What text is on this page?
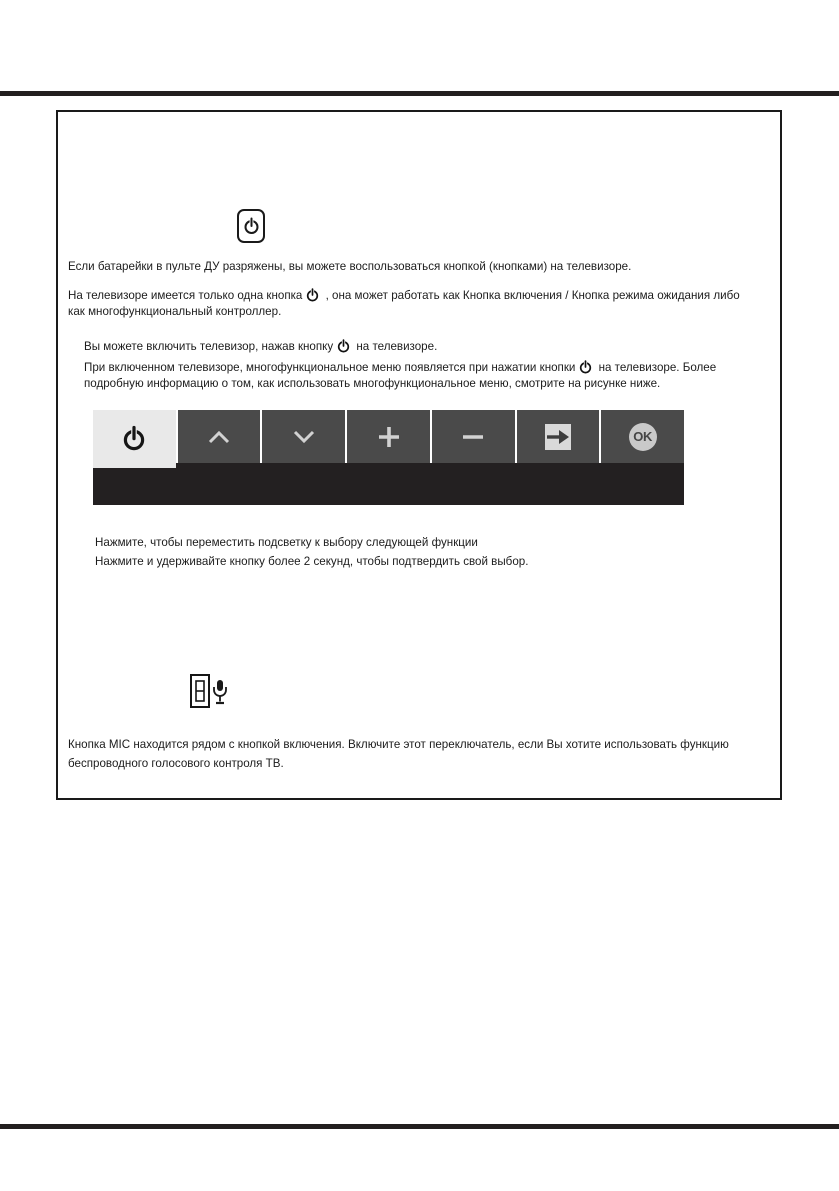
Если батарейки в пульте ДУ разряжены, вы можете воспользоваться кнопкой (кнопками) на телевизоре.

На телевизоре имеется только одна кнопка , она может работать как Кнопка включения / Кнопка режима ожидания либо
как многофункциональный контроллер.

Вы можете включить телевизор, нажав кнопку на телевизоре.

При включенном телевизоре, многофункциональное меню появляется при нажатии кнопки на телевизоре. Более
подробную информацию о том, как использовать многофункциональное меню, смотрите на рисунке ниже.

OK

Нажмите, чтобы переместить подсветку к выбору следующей функции

Нажмите и удерживайте кнопку более 2 секунд, чтобы подтвердить свой выбор.

Кнопка MIC находится рядом с кнопкой включения. Включите этот переключатель, если Вы хотите использовать функцию
беспроводного голосового контроля ТВ.
